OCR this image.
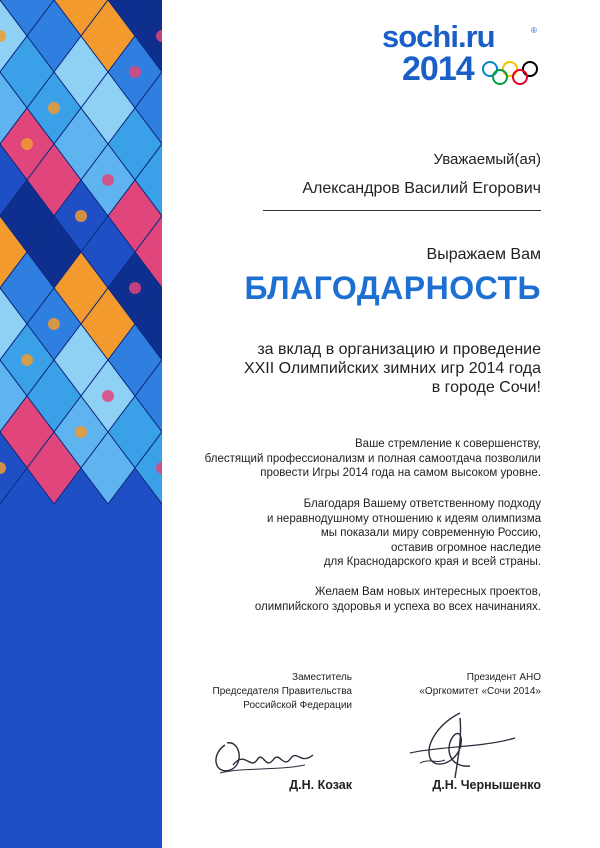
sochi.ru	®
2014
Уважаемый(ая)
Александров Василий Егорович
Выражаем Вам
БЛАГОДАРНОСТЬ
за вклад в организацию и проведение
XXII Олимпийских зимних игр 2014 года
в городе Сочи!
Ваше стремление к совершенству,
блестящий профессионализм и полная самоотдача позволили
провести Игры 2014 года на самом высоком уровне.
Благодаря Вашему ответственному подходу
и неравнодушному отношению к идеям олимпизма
мы показали миру современную Россию,
оставив огромное наследие
для Краснодарского края и всей страны.
Желаем Вам новых интересных проектов,
олимпийского здоровья и успеха во всех начинаниях.
Заместитель
Председателя Правительства
Российской Федерации
Президент АНО
«Оргкомитет «Сочи 2014»
Д.Н. Козак	Д.Н. Чернышенко
